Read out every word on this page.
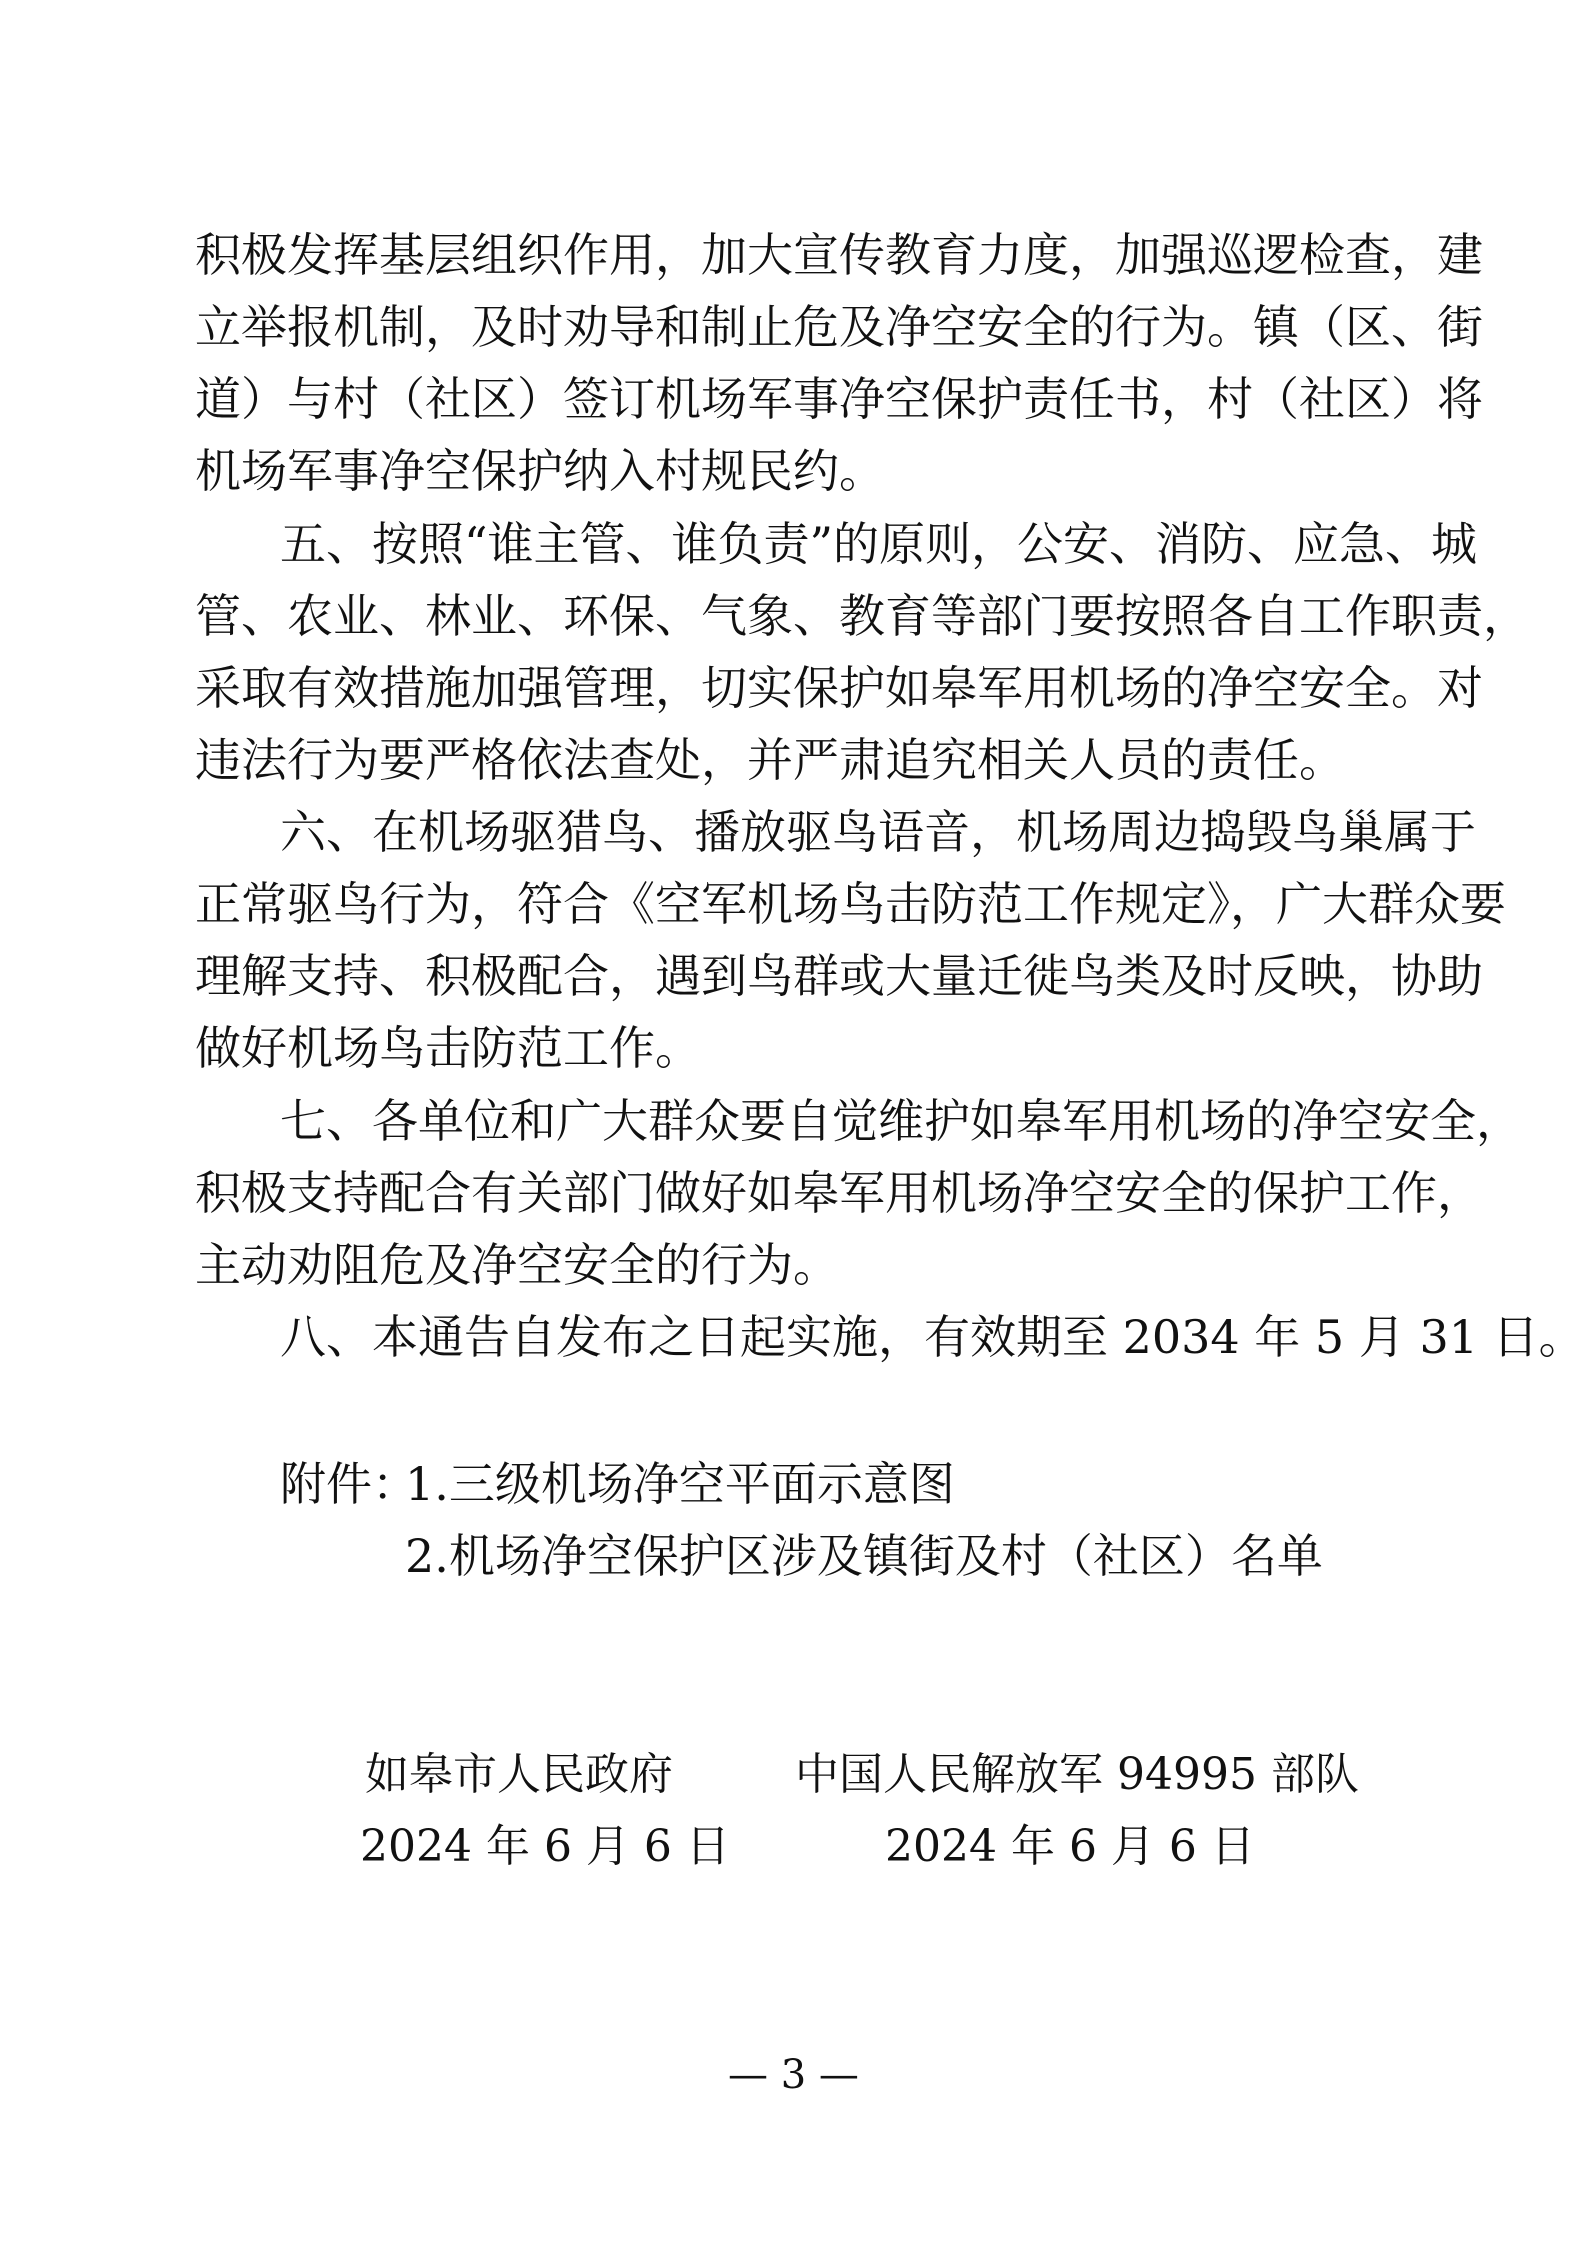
积极发挥基层组织作用，加大宣传教育力度，加强巡逻检查，建
立举报机制，及时劝导和制止危及净空安全的行为。镇（区、街
道）与村（社区）签订机场军事净空保护责任书，村（社区）将
机场军事净空保护纳入村规民约。
五、按照“谁主管、谁负责”的原则，公安、消防、应急、城
管、农业、林业、环保、气象、教育等部门要按照各自工作职责，
采取有效措施加强管理，切实保护如皋军用机场的净空安全。对
违法行为要严格依法查处，并严肃追究相关人员的责任。
六、在机场驱猎鸟、播放驱鸟语音，机场周边捣毁鸟巢属于
正常驱鸟行为，符合《空军机场鸟击防范工作规定》，广大群众要
理解支持、积极配合，遇到鸟群或大量迁徙鸟类及时反映，协助
做好机场鸟击防范工作。
七、各单位和广大群众要自觉维护如皋军用机场的净空安全，
积极支持配合有关部门做好如皋军用机场净空安全的保护工作，
主动劝阻危及净空安全的行为。
八、本通告自发布之日起实施，有效期至 2034 年 5 月 31 日。
附件：
1.三级机场净空平面示意图
2.机场净空保护区涉及镇街及村（社区）名单
如皋市人民政府
2024 年 6 月 6 日
中国人民解放军 94995 部队
2024 年 6 月 6 日
— 3 —
